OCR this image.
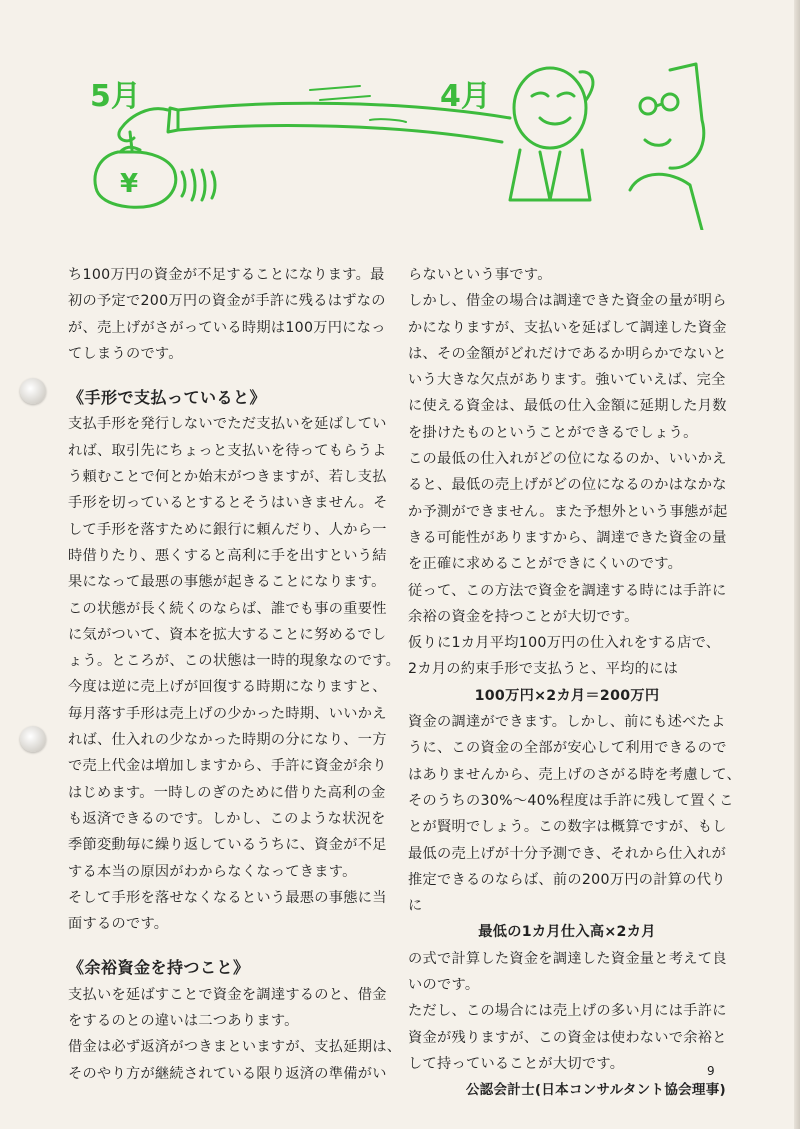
5月	4月
¥

ち100万円の資金が不足することになります。最

初の予定で200万円の資金が手許に残るはずなの

が、売上げがさがっている時期は100万円になっ

てしまうのです。

《手形で支払っていると》

支払手形を発行しないでただ支払いを延ばしてい

れば、取引先にちょっと支払いを待ってもらうよ

う頼むことで何とか始末がつきますが、若し支払

手形を切っているとするとそうはいきません。そ

して手形を落すために銀行に頼んだり、人から一

時借りたり、悪くすると高利に手を出すという結

果になって最悪の事態が起きることになります。

この状態が長く続くのならば、誰でも事の重要性

に気がついて、資本を拡大することに努めるでし

ょう。ところが、この状態は一時的現象なのです。

今度は逆に売上げが回復する時期になりますと、

毎月落す手形は売上げの少かった時期、いいかえ

れば、仕入れの少なかった時期の分になり、一方

で売上代金は増加しますから、手許に資金が余り

はじめます。一時しのぎのために借りた高利の金

も返済できるのです。しかし、このような状況を

季節変動毎に繰り返しているうちに、資金が不足

する本当の原因がわからなくなってきます。

そして手形を落せなくなるという最悪の事態に当

面するのです。

《余裕資金を持つこと》

支払いを延ばすことで資金を調達するのと、借金

をするのとの違いは二つあります。

借金は必ず返済がつきまといますが、支払延期は、

そのやり方が継続されている限り返済の準備がい

らないという事です。

しかし、借金の場合は調達できた資金の量が明ら

かになりますが、支払いを延ばして調達した資金

は、その金額がどれだけであるか明らかでないと

いう大きな欠点があります。強いていえば、完全

に使える資金は、最低の仕入金額に延期した月数

を掛けたものということができるでしょう。

この最低の仕入れがどの位になるのか、いいかえ

ると、最低の売上げがどの位になるのかはなかな

か予測ができません。また予想外という事態が起

きる可能性がありますから、調達できた資金の量

を正確に求めることができにくいのです。

従って、この方法で資金を調達する時には手許に

余裕の資金を持つことが大切です。

仮りに1カ月平均100万円の仕入れをする店で、

2カ月の約束手形で支払うと、平均的には

100万円×2カ月＝200万円

資金の調達ができます。しかし、前にも述べたよ

うに、この資金の全部が安心して利用できるので

はありませんから、売上げのさがる時を考慮して、

そのうちの30%～40%程度は手許に残して置くこ

とが賢明でしょう。この数字は概算ですが、もし

最低の売上げが十分予測でき、それから仕入れが

推定できるのならば、前の200万円の計算の代り

に

最低の1カ月仕入高×2カ月

の式で計算した資金を調達した資金量と考えて良

いのです。

ただし、この場合には売上げの多い月には手許に

資金が残りますが、この資金は使わないで余裕と

して持っていることが大切です。

公認会計士(日本コンサルタント協会理事)

9
